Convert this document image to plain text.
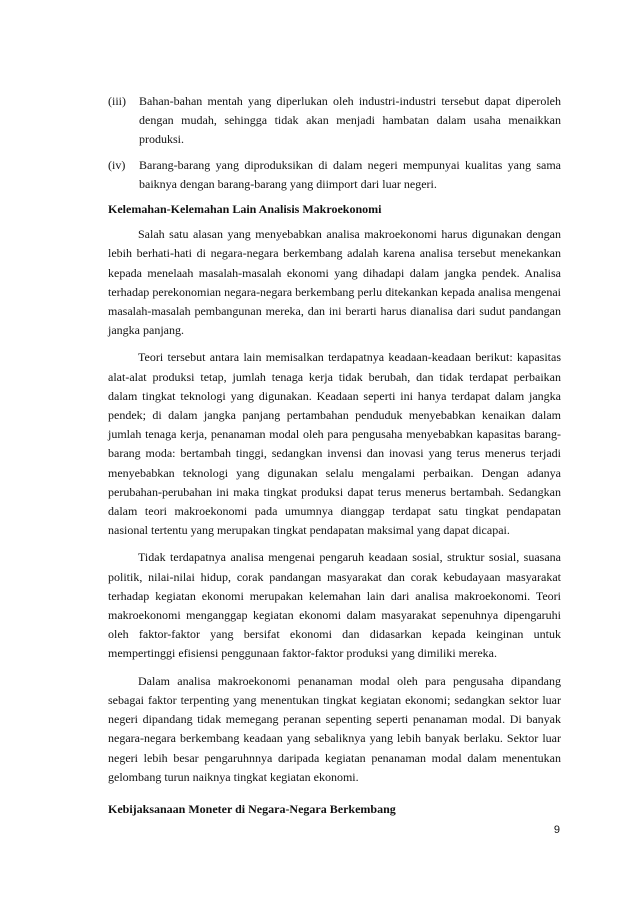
(iii)	Bahan-bahan mentah yang diperlukan oleh industri-industri tersebut dapat diperoleh dengan mudah, sehingga tidak akan menjadi hambatan dalam usaha menaikkan produksi.
(iv)	Barang-barang yang diproduksikan di dalam negeri mempunyai kualitas yang sama baiknya dengan barang-barang yang diimport dari luar negeri.
Kelemahan-Kelemahan Lain Analisis Makroekonomi

Salah satu alasan yang menyebabkan analisa makroekonomi harus digunakan dengan lebih berhati-hati di negara-negara berkembang adalah karena analisa tersebut menekankan kepada menelaah masalah-masalah ekonomi yang dihadapi dalam jangka pendek. Analisa terhadap perekonomian negara-negara berkembang perlu ditekankan kepada analisa mengenai masalah-masalah pembangunan mereka, dan ini berarti harus dianalisa dari sudut pandangan jangka panjang.

Teori tersebut antara lain memisalkan terdapatnya keadaan-keadaan berikut: kapasitas alat-alat produksi tetap, jumlah tenaga kerja tidak berubah, dan tidak terdapat perbaikan dalam tingkat teknologi yang digunakan. Keadaan seperti ini hanya terdapat dalam jangka pendek; di dalam jangka panjang pertambahan penduduk menyebabkan kenaikan dalam jumlah tenaga kerja, penanaman modal oleh para pengusaha menyebabkan kapasitas barang-barang moda: bertambah tinggi, sedangkan invensi dan inovasi yang terus menerus terjadi menyebabkan teknologi yang digunakan selalu mengalami perbaikan. Dengan adanya perubahan-perubahan ini maka tingkat produksi dapat terus menerus bertambah. Sedangkan dalam teori makroekonomi pada umumnya dianggap terdapat satu tingkat pendapatan nasional tertentu yang merupakan tingkat pendapatan maksimal yang dapat dicapai.

Tidak terdapatnya analisa mengenai pengaruh keadaan sosial, struktur sosial, suasana politik, nilai-nilai hidup, corak pandangan masyarakat dan corak kebudayaan masyarakat terhadap kegiatan ekonomi merupakan kelemahan lain dari analisa makroekonomi. Teori makroekonomi menganggap kegiatan ekonomi dalam masyarakat sepenuhnya dipengaruhi oleh faktor-faktor yang bersifat ekonomi dan didasarkan kepada keinginan untuk mempertinggi efisiensi penggunaan faktor-faktor produksi yang dimiliki mereka.

Dalam analisa makroekonomi penanaman modal oleh para pengusaha dipandang sebagai faktor terpenting yang menentukan tingkat kegiatan ekonomi; sedangkan sektor luar negeri dipandang tidak memegang peranan sepenting seperti penanaman modal. Di banyak negara-negara berkembang keadaan yang sebaliknya yang lebih banyak berlaku. Sektor luar negeri lebih besar pengaruhnnya daripada kegiatan penanaman modal dalam menentukan gelombang turun naiknya tingkat kegiatan ekonomi.

Kebijaksanaan Moneter di Negara-Negara Berkembang
9
